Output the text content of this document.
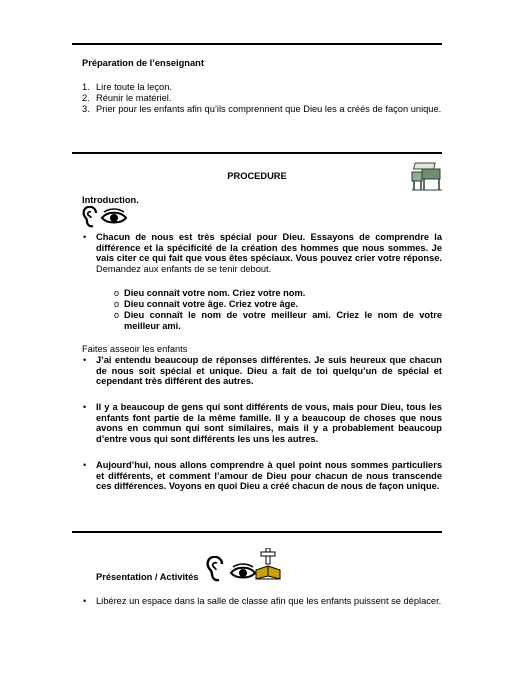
Préparation de l’enseignant

1. Lire toute la leçon.

2. Réunir le matériel.

3. Prier pour les enfants afin qu’ils comprennent que Dieu les a créés de façon unique.

PROCEDURE

Introduction.

• Chacun de nous est très spécial pour Dieu. Essayons de comprendre la différence et la spécificité de la création des hommes que nous sommes. Je vais citer ce qui fait que vous êtes spéciaux. Vous pouvez crier votre réponse. Demandez aux enfants de se tenir debout.

o Dieu connaît votre nom. Criez votre nom.

o Dieu connaît votre âge. Criez votre âge.

o Dieu connaît le nom de votre meilleur ami. Criez le nom de votre meilleur ami.

Faites asseoir les enfants

• J’ai entendu beaucoup de réponses différentes. Je suis heureux que chacun de nous soit spécial et unique. Dieu a fait de toi quelqu’un de spécial et cependant très différent des autres.

• Il y a beaucoup de gens qui sont différents de vous, mais pour Dieu, tous les enfants font partie de la même famille. Il y a beaucoup de choses que nous avons en commun qui sont similaires, mais il y a probablement beaucoup d’entre vous qui sont différents les uns les autres.

• Aujourd’hui, nous allons comprendre à quel point nous sommes particuliers et différents, et comment l’amour de Dieu pour chacun de nous transcende ces différences. Voyons en quoi Dieu a créé chacun de nous de façon unique.

Présentation / Activités

• Libérez un espace dans la salle de classe afin que les enfants puissent se déplacer.
